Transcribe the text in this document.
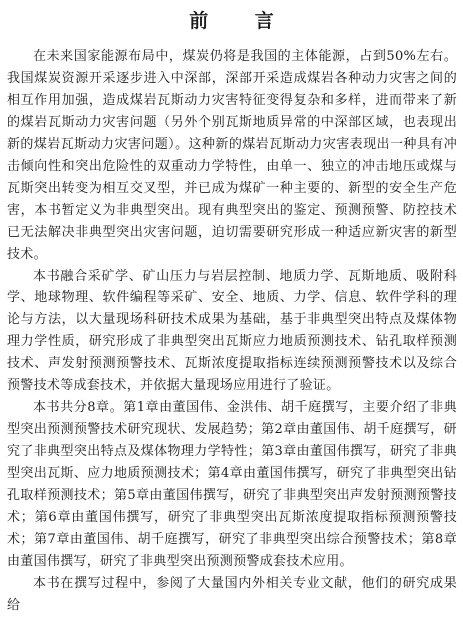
前 言

在未来国家能源布局中，煤炭仍将是我国的主体能源，占到50%左右。我国煤炭资源开采逐步进入中深部，深部开采造成煤岩各种动力灾害之间的相互作用加强，造成煤岩瓦斯动力灾害特征变得复杂和多样，进而带来了新的煤岩瓦斯动力灾害问题（另外个别瓦斯地质异常的中深部区域，也表现出新的煤岩瓦斯动力灾害问题）。这种新的煤岩瓦斯动力灾害表现出一种具有冲击倾向性和突出危险性的双重动力学特性，由单一、独立的冲击地压或煤与瓦斯突出转变为相互交叉型，并已成为煤矿一种主要的、新型的安全生产危害，本书暂定义为非典型突出。现有典型突出的鉴定、预测预警、防控技术已无法解决非典型突出灾害问题，迫切需要研究形成一种适应新灾害的新型技术。

本书融合采矿学、矿山压力与岩层控制、地质力学、瓦斯地质、吸附科学、地球物理、软件编程等采矿、安全、地质、力学、信息、软件学科的理论与方法，以大量现场科研技术成果为基础，基于非典型突出特点及煤体物理力学性质，研究形成了非典型突出瓦斯应力地质预测技术、钻孔取样预测技术、声发射预测预警技术、瓦斯浓度提取指标连续预测预警技术以及综合预警技术等成套技术，并依据大量现场应用进行了验证。

本书共分8章。第1章由董国伟、金洪伟、胡千庭撰写，主要介绍了非典型突出预测预警技术研究现状、发展趋势；第2章由董国伟、胡千庭撰写，研究了非典型突出特点及煤体物理力学特性；第3章由董国伟撰写，研究了非典型突出瓦斯、应力地质预测技术；第4章由董国伟撰写，研究了非典型突出钻孔取样预测技术；第5章由董国伟撰写，研究了非典型突出声发射预测预警技术；第6章由董国伟撰写，研究了非典型突出瓦斯浓度提取指标预测预警技术；第7章由董国伟、胡千庭撰写，研究了非典型突出综合预警技术；第8章由董国伟撰写，研究了非典型突出预测预警成套技术应用。

本书在撰写过程中，参阅了大量国内外相关专业文献，他们的研究成果给
